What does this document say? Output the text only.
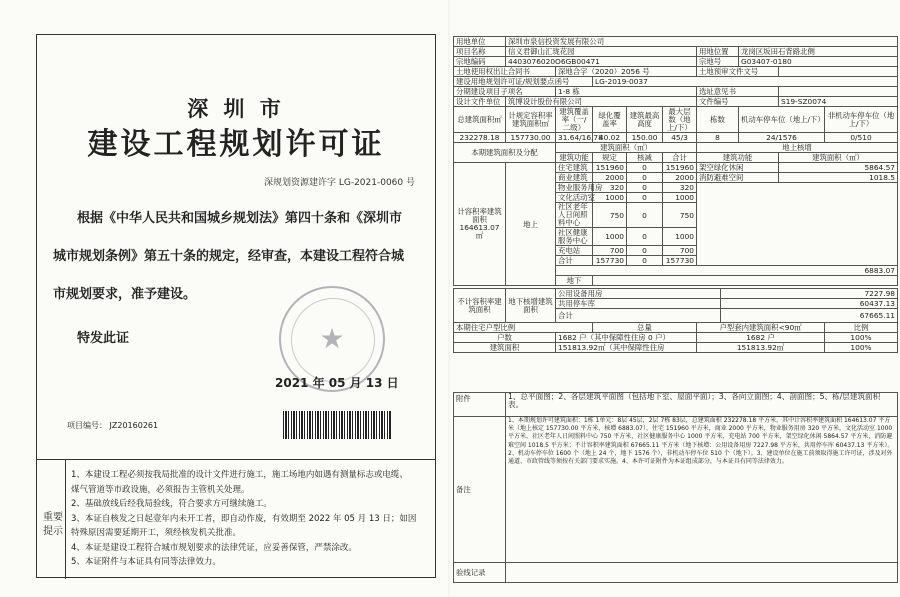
深 圳 市
建设工程规划许可证
深规划资源建许字 LG-2021-0060 号
根据《中华人民共和国城乡规划法》第四十条和《深圳市
城市规划条例》第五十条的规定，经审查，本建设工程符合城
市规划要求，准予建设。
特发此证	★
2021 年 05 月 13 日
项目编号： JZ20160261
重要提示
1、本建设工程必须按我局批准的设计文件进行施工，施工场地内如遇有测量标志或电缆、
煤气管道等市政设施，必须报告主管机关处理。
2、基础放线后经我局验线，符合要求方可继续施工。
3、本证自核发之日起壹年内未开工者，即自动作废，有效期至 2022 年 05 月 13 日；如因
特殊原因需要延期开工，须经核发机关批准。
4、本证是建设工程符合城市规划要求的法律凭证，应妥善保管，严禁涂改。
5、本证附件与本证具有同等法律效力。
用地单位	深圳市泉信投资发展有限公司									
项目名称	信义君御山汇珑花园					用地位置		龙岗区坂田石背路北侧		
宗地编码	4403076020O6GB00471					宗地号		G03407-0180		
土地使用权出让合同书		深地合字（2020）2056 号				土地预审文件文号				
建设用地规划许可证/规划要点函号			LG-2019-0037							
分期建设项目子项名		1-8 栋				选址意见书				
设计文件单位	筑博设计股份有限公司					文件编号			S19-SZ0074	
总建筑面积㎡	计规定容积率建筑面积㎡	建筑覆盖率（一/二级）	绿化覆盖率	建筑最高高度	最大层数（地上/下）	栋数		机动车停车位（地上/下）		非机动车停车位（地上/下）
232278.18	157730.00	31.64/16.78	40.02	150.00	45/3	8		24/1576		0/510
本期建筑面积及分配		建筑面积（㎡）				地上核增				
		建筑功能	规定	核减	合计	建筑功能			建筑面积（㎡）	
计容积率建筑面积164613.07㎡	地上	住宅建筑	151960	0	151960	架空绿化休闲			5864.57	
		商业建筑	2000	0	2000	消防避难空间			1018.5	
		物业服务用房	320	0	320					
		文化活动室	1000	0	1000					
		社区老年人日间照料中心	750	0	750					
		社区健康服务中心	1000	0	1000					
		充电站	700	0	700					
		合计	157730	0	157730					
		6883.07								
		地下								

不计容积率建筑面积	地下核增建筑面积	公用设备用房					7227.98			
		共用停车库					60437.13			
		合计					67665.11			
本期住宅户型比例			总量			户型套内建筑面积<90㎡				比例
户数		1682 户（其中保障性住房 0 户）				1682 户				100%
建筑面积		151813.92㎡（其中保障性住房				151813.92㎡				100%
附件	1、总平面图；2、各层建筑平面图（包括地下室、屋面平面）；3、各向立面图；4、剖面图；5、栋/层建筑面积表。
备注	1、本期规划许可建筑面积：1栋 1单元：8层 45层，2层 7栋 83层，总建筑面积 232278.18 平方米，其中计容积率建筑面积 164613.07 平方米（地上核定 157730.00 平方米，核增 6883.07），住宅 151960 平方米，商业 2000 平方米，物业服务用房 320 平方米，文化活动室 1000 平方米，社区老年人日间照料中心 750 平方米，社区健康服务中心 1000 平方米，充电站 700 平方米，架空绿化休闲 5864.57 平方米，消防避难空间 1018.5 平方米；不计容积率建筑面积 67665.11 平方米（地下核增：公用设备用房 7227.98 平方米，共用停车库 60437.13 平方米）。2、机动车停车位 1600 个（地上 24 个，地下 1576 个），非机动车停车位 510 个（地下）。3、建设单位在施工前须取得施工许可证，涉及对外通道、市政管线等须按有关部门要求实施。4、本许可证附件为本证组成部分，与本证具有同等法律效力。
验线记录	
